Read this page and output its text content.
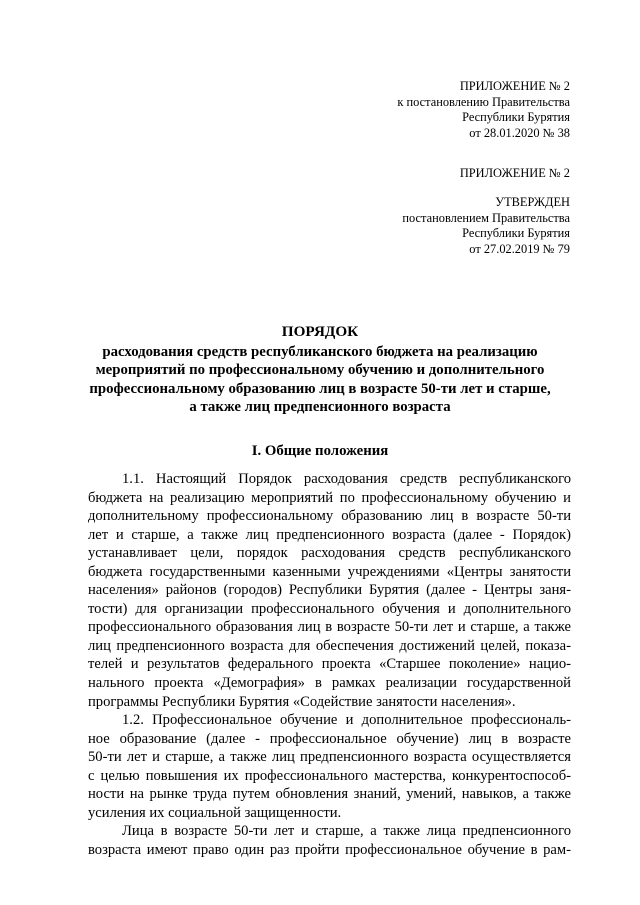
ПРИЛОЖЕНИЕ № 2
к постановлению Правительства
Республики Бурятия
от 28.01.2020 № 38
ПРИЛОЖЕНИЕ № 2
УТВЕРЖДЕН
постановлением Правительства
Республики Бурятия
от 27.02.2019 № 79
ПОРЯДОК
расходования средств республиканского бюджета на реализацию
мероприятий по профессиональному обучению и дополнительного
профессиональному образованию лиц в возрасте 50-ти лет и старше,
а также лиц предпенсионного возраста
I. Общие положения
1.1. Настоящий Порядок расходования средств республиканского
бюджета на реализацию мероприятий по профессиональному обучению и
дополнительному профессиональному образованию лиц в возрасте 50-ти
лет и старше, а также лиц предпенсионного возраста (далее - Порядок)
устанавливает цели, порядок расходования средств республиканского
бюджета государственными казенными учреждениями «Центры занятости
населения» районов (городов) Республики Бурятия (далее - Центры заня-
тости) для организации профессионального обучения и дополнительного
профессионального образования лиц в возрасте 50-ти лет и старше, а также
лиц предпенсионного возраста для обеспечения достижений целей, показа-
телей и результатов федерального проекта «Старшее поколение» нацио-
нального проекта «Демография» в рамках реализации государственной
программы Республики Бурятия «Содействие занятости населения».
1.2. Профессиональное обучение и дополнительное профессиональ-
ное образование (далее - профессиональное обучение) лиц в возрасте
50-ти лет и старше, а также лиц предпенсионного возраста осуществляется
с целью повышения их профессионального мастерства, конкурентоспособ-
ности на рынке труда путем обновления знаний, умений, навыков, а также
усиления их социальной защищенности.
Лица в возрасте 50-ти лет и старше, а также лица предпенсионного
возраста имеют право один раз пройти профессиональное обучение в рам-
